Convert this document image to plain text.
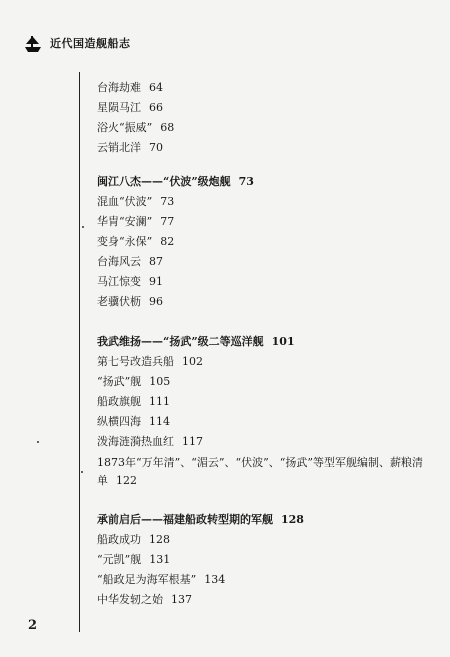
近代国造舰船志
台海劫难 64
星陨马江 66
浴火“振威” 68
云销北洋 70
闽江八杰——“伏波”级炮舰 73
混血“伏波” 73
华胄“安澜” 77
变身“永保” 82
台海风云 87
马江惊变 91
老骥伏枥 96
我武维扬——“扬武”级二等巡洋舰 101
第七号改造兵船 102
“扬武”舰 105
船政旗舰 111
纵横四海 114
泼海涟漪热血红 117
1873年“万年清”、“湄云”、“伏波”、“扬武”等型军舰编制、薪粮清单 122
承前启后——福建船政转型期的军舰 128
船政成功 128
“元凯”舰 131
“船政足为海军根基” 134
中华发轫之始 137
2
